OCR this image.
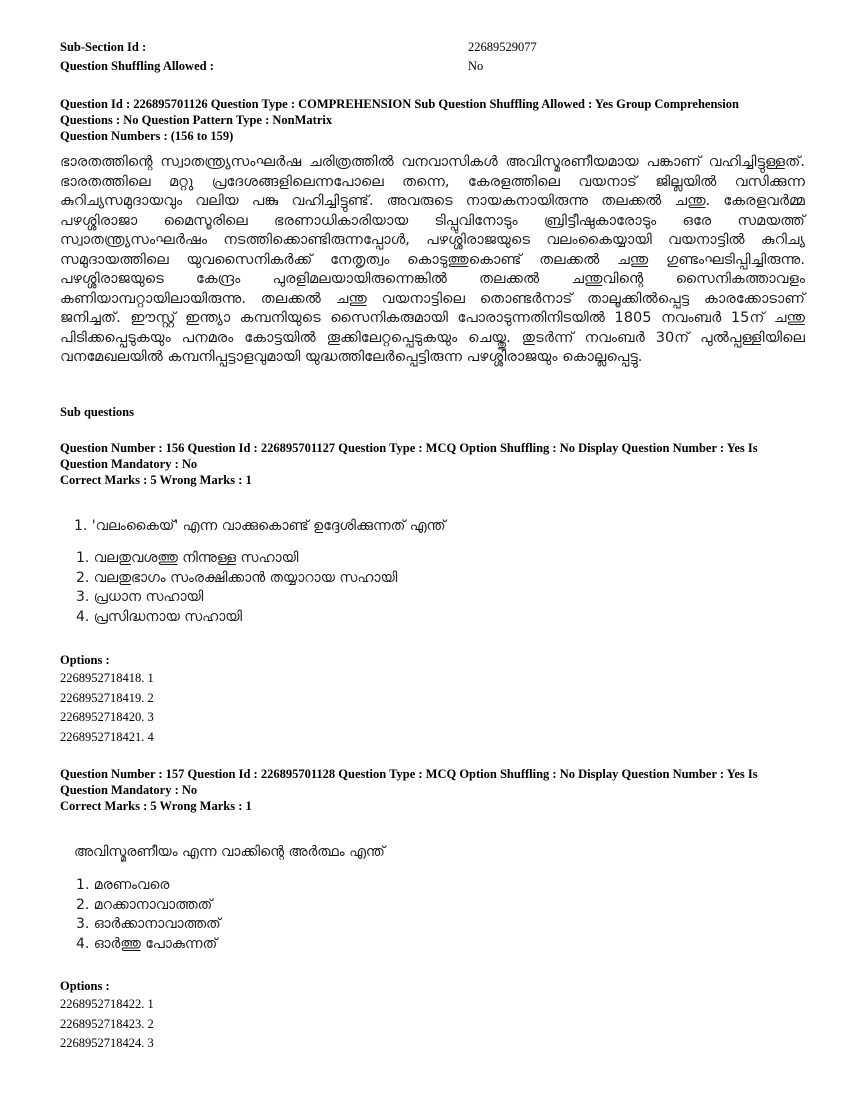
Sub-Section Id :	22689529077
Question Shuffling Allowed :	No
Question Id : 226895701126 Question Type : COMPREHENSION Sub Question Shuffling Allowed : Yes Group Comprehension
Questions : No Question Pattern Type : NonMatrix
Question Numbers : (156 to 159)
ഭാരതത്തിന്റെ സ്വാതന്ത്ര്യസംഘർഷ ചരിത്രത്തിൽ വനവാസികൾ അവിസ്മരണീയമായ പങ്കാണ് വഹിച്ചിട്ടുള്ളത്. ഭാരതത്തിലെ മറ്റു പ്രദേശങ്ങളിലെന്നപോലെ തന്നെ, കേരളത്തിലെ വയനാട് ജില്ലയിൽ വസിക്കുന്ന കുറിച്യസമുദായവും വലിയ പങ്കു വഹിച്ചിട്ടുണ്ട്. അവരുടെ നായകനായിരുന്നു തലക്കൽ ചന്തു. കേരളവർമ്മ പഴശ്ശിരാജാ മൈസൂരിലെ ഭരണാധികാരിയായ ടിപ്പുവിനോടും ബ്രിട്ടീഷുകാരോടും ഒരേ സമയത്ത് സ്വാതന്ത്ര്യസംഘർഷം നടത്തിക്കൊണ്ടിരുന്നപ്പോൾ, പഴശ്ശിരാജയുടെ വലംകൈയ്യായി വയനാട്ടിൽ കുറിച്യ സമുദായത്തിലെ യുവസൈനികർക്ക് നേതൃത്വം കൊടുത്തുകൊണ്ട് തലക്കൽ ചന്തു ഗുണ്ടംഘടിപ്പിച്ചിരുന്നു. പഴശ്ശിരാജയുടെ കേന്ദ്രം പുരളിമലയായിരുന്നെങ്കിൽ തലക്കൽ ചന്തുവിന്റെ സൈനികത്താവളം കണിയാമ്പറ്റായിലായിരുന്നു. തലക്കൽ ചന്തു വയനാട്ടിലെ തൊണ്ടർനാട് താലൂക്കിൽപ്പെട്ട കാരക്കോടാണ് ജനിച്ചത്. ഈസ്റ്റ് ഇന്ത്യാ കമ്പനിയുടെ സൈനികരുമായി പോരാടുന്നതിനിടയിൽ 1805 നവംബർ 15ന് ചന്തു പിടിക്കപ്പെടുകയും പനമരം കോട്ടയിൽ തൂക്കിലേറ്റപ്പെടുകയും ചെയ്തു. തുടർന്ന് നവംബർ 30ന് പുൽപ്പള്ളിയിലെ വനമേഖലയിൽ കമ്പനിപ്പട്ടാളവുമായി യുദ്ധത്തിലേർപ്പെട്ടിരുന്ന പഴശ്ശിരാജയും കൊല്ലപ്പെട്ടു.
Sub questions
Question Number : 156 Question Id : 226895701127 Question Type : MCQ Option Shuffling : No Display Question Number : Yes Is
Question Mandatory : No
Correct Marks : 5 Wrong Marks : 1
1. 'വലംകൈയ്' എന്ന വാക്കുകൊണ്ട് ഉദ്ദേശിക്കുന്നത് എന്ത്
1. വലതുവശത്തു നിന്നുള്ള സഹായി
2. വലതുഭാഗം സംരക്ഷിക്കാൻ തയ്യാറായ സഹായി
3. പ്രധാന സഹായി
4. പ്രസിദ്ധനായ സഹായി
Options :
2268952718418. 1
2268952718419. 2
2268952718420. 3
2268952718421. 4
Question Number : 157 Question Id : 226895701128 Question Type : MCQ Option Shuffling : No Display Question Number : Yes Is
Question Mandatory : No
Correct Marks : 5 Wrong Marks : 1
അവിസ്മരണീയം എന്ന വാക്കിന്റെ അർത്ഥം എന്ത്
1. മരണംവരെ
2. മറക്കാനാവാത്തത്
3. ഓർക്കാനാവാത്തത്
4. ഓർത്തു പോകുന്നത്
Options :
2268952718422. 1
2268952718423. 2
2268952718424. 3
